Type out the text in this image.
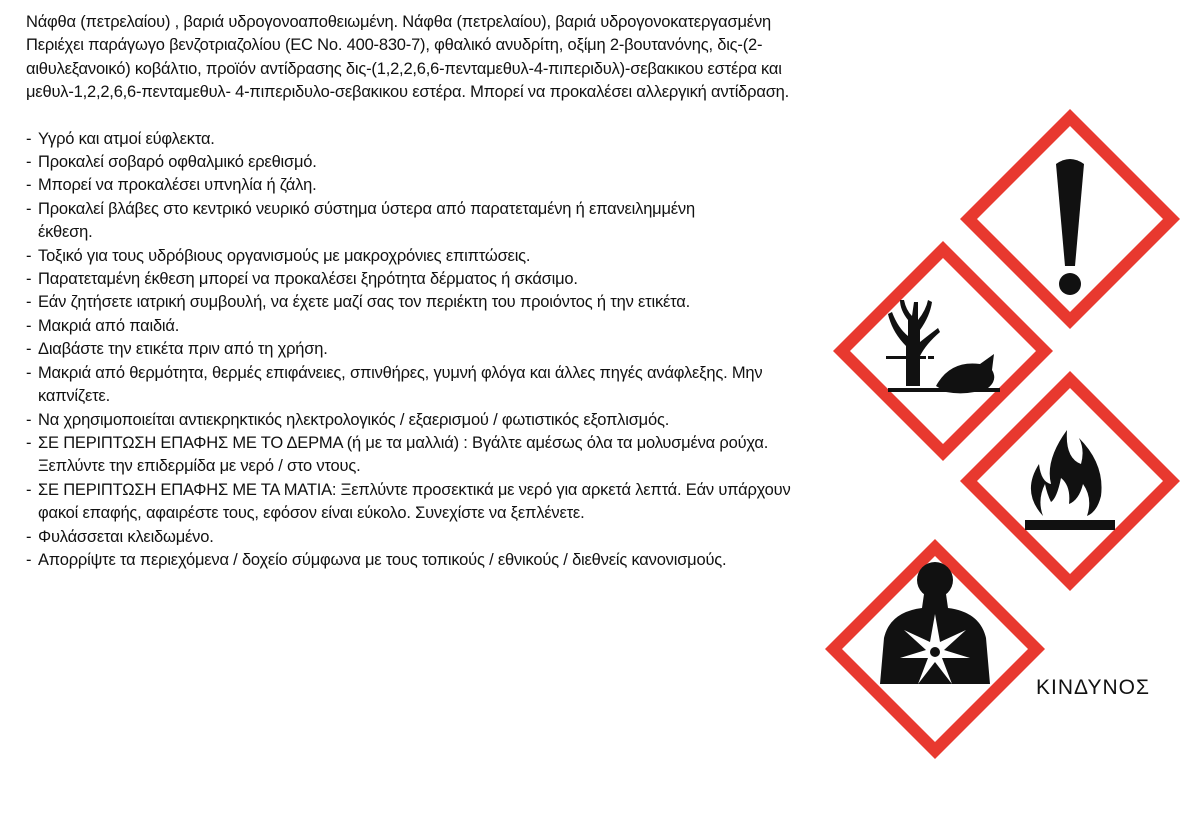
Νάφθα (πετρελαίου) , βαριά υδρογονοαποθειωμένη. Νάφθα (πετρελαίου), βαριά υδρογονοκατεργασμένη
Περιέχει παράγωγο βενζοτριαζολίου (EC No. 400-830-7), φθαλικό ανυδρίτη, οξίμη 2-βουτανόνης, δις-(2-αιθυλεξανοικό) κοβάλτιο, προϊόν αντίδρασης δις-(1,2,2,6,6-πενταμεθυλ-4-πιπεριδυλ)-σεβακικου εστέρα και μεθυλ-1,2,2,6,6-πενταμεθυλ- 4-πιπεριδυλο-σεβακικου εστέρα. Μπορεί να προκαλέσει αλλεργική αντίδραση.

- Υγρό και ατμοί εύφλεκτα.
- Προκαλεί σοβαρό οφθαλμικό ερεθισμό.
- Μπορεί να προκαλέσει υπνηλία ή ζάλη.
- Προκαλεί βλάβες στο κεντρικό νευρικό σύστημα ύστερα από παρατεταμένη ή επανειλημμένη έκθεση.
- Τοξικό για τους υδρόβιους οργανισμούς με μακροχρόνιες επιπτώσεις.
- Παρατεταμένη έκθεση μπορεί να προκαλέσει ξηρότητα δέρματος ή σκάσιμο.
- Εάν ζητήσετε ιατρική συμβουλή, να έχετε μαζί σας τον περιέκτη του προιόντος ή την ετικέτα.
- Μακριά από παιδιά.
- Διαβάστε την ετικέτα πριν από τη χρήση.
- Μακριά από θερμότητα, θερμές επιφάνειες, σπινθήρες, γυμνή φλόγα και άλλες πηγές ανάφλεξης. Μην καπνίζετε.
- Να χρησιμοποιείται αντιεκρηκτικός ηλεκτρολογικός / εξαερισμού / φωτιστικός εξοπλισμός.
- ΣΕ ΠΕΡΙΠΤΩΣΗ ΕΠΑΦΗΣ ΜΕ ΤΟ ΔΕΡΜΑ (ή με τα μαλλιά) : Βγάλτε αμέσως όλα τα μολυσμένα ρούχα. Ξεπλύντε την επιδερμίδα με νερό / στο ντους.
- ΣΕ ΠΕΡΙΠΤΩΣΗ ΕΠΑΦΗΣ ΜΕ ΤΑ ΜΑΤΙΑ: Ξεπλύντε προσεκτικά με νερό για αρκετά λεπτά. Εάν υπάρχουν φακοί επαφής, αφαιρέστε τους, εφόσον είναι εύκολο. Συνεχίστε να ξεπλένετε.
- Φυλάσσεται κλειδωμένο.
- Απορρίψτε τα περιεχόμενα / δοχείο σύμφωνα με τους τοπικούς / εθνικούς / διεθνείς κανονισμούς.
ΚΙΝΔΥΝΟΣ
